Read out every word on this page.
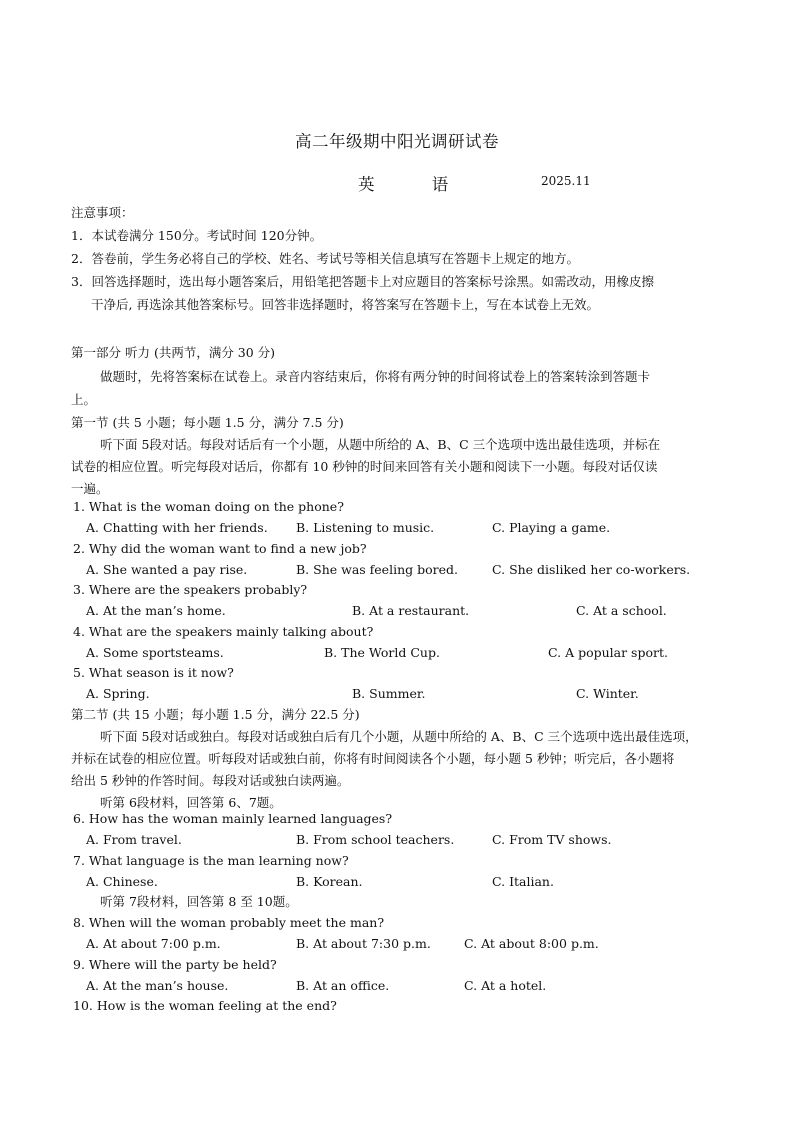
高二年级期中阳光调研试卷
英 语	2025.11
注意事项：
1．本试卷满分 150分。考试时间 120分钟。
2．答卷前，学生务必将自己的学校、姓名、考试号等相关信息填写在答题卡上规定的地方。
3．回答选择题时，选出每小题答案后，用铅笔把答题卡上对应题目的答案标号涂黑。如需改动，用橡皮擦
干净后, 再选涂其他答案标号。回答非选择题时，将答案写在答题卡上，写在本试卷上无效。
第一部分 听力 (共两节，满分 30 分)
做题时，先将答案标在试卷上。录音内容结束后，你将有两分钟的时间将试卷上的答案转涂到答题卡
上。
第一节 (共 5 小题；每小题 1.5 分，满分 7.5 分)
听下面 5段对话。每段对话后有一个小题，从题中所给的 A、B、C 三个选项中选出最佳选项，并标在
试卷的相应位置。听完每段对话后，你都有 10 秒钟的时间来回答有关小题和阅读下一小题。每段对话仅读
一遍。
1. What is the woman doing on the phone?
A. Chatting with her friends. B. Listening to music.	C. Playing a game.
2. Why did the woman want to find a new job?
A. She wanted a pay rise.	B. She was feeling bored.	C. She disliked her co-workers.
3. Where are the speakers probably?
A. At the man’s home.	B. At a restaurant.	C. At a school.
4. What are the speakers mainly talking about?
A. Some sportsteams.	B. The World Cup.	C. A popular sport.
5. What season is it now?
A. Spring.	B. Summer.	C. Winter.
第二节 (共 15 小题；每小题 1.5 分，满分 22.5 分)
听下面 5段对话或独白。每段对话或独白后有几个小题，从题中所给的 A、B、C 三个选项中选出最佳选项，
并标在试卷的相应位置。听每段对话或独白前，你将有时间阅读各个小题，每小题 5 秒钟；听完后，各小题将
给出 5 秒钟的作答时间。每段对话或独白读两遍。
听第 6段材料，回答第 6、7题。
6. How has the woman mainly learned languages?
A. From travel.	B. From school teachers.	C. From TV shows.
7. What language is the man learning now?
A. Chinese.	B. Korean.	C. Italian.
听第 7段材料，回答第 8 至 10题。
8. When will the woman probably meet the man?
A. At about 7:00 p.m.	B. At about 7:30 p.m.	C. At about 8:00 p.m.
9. Where will the party be held?
A. At the man’s house.	B. At an office.	C. At a hotel.
10. How is the woman feeling at the end?
